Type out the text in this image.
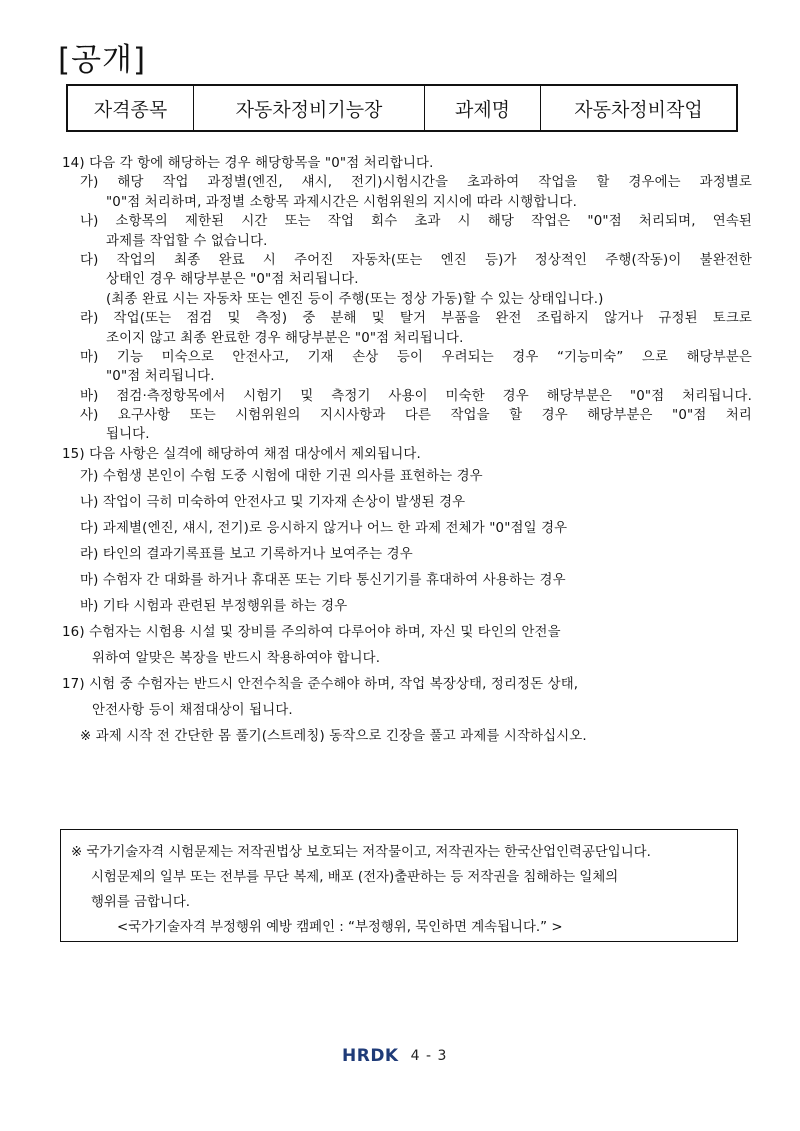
[공개]
자격종목	자동차정비기능장	과제명	자동차정비작업
14) 다음 각 항에 해당하는 경우 해당항목을 "0"점 처리합니다.
가) 해당 작업 과정별(엔진, 섀시, 전기)시험시간을 초과하여 작업을 할 경우에는 과정별로
"0"점 처리하며, 과정별 소항목 과제시간은 시험위원의 지시에 따라 시행합니다.
나) 소항목의 제한된 시간 또는 작업 회수 초과 시 해당 작업은 "0"점 처리되며, 연속된
과제를 작업할 수 없습니다.
다) 작업의 최종 완료 시 주어진 자동차(또는 엔진 등)가 정상적인 주행(작동)이 불완전한
상태인 경우 해당부분은 "0"점 처리됩니다.
(최종 완료 시는 자동차 또는 엔진 등이 주행(또는 정상 가동)할 수 있는 상태입니다.)
라) 작업(또는 점검 및 측정) 중 분해 및 탈거 부품을 완전 조립하지 않거나 규정된 토크로
조이지 않고 최종 완료한 경우 해당부분은 "0"점 처리됩니다.
마) 기능 미숙으로 안전사고, 기재 손상 등이 우려되는 경우 “기능미숙” 으로 해당부분은
"0"점 처리됩니다.
바) 점검·측정항목에서 시험기 및 측정기 사용이 미숙한 경우 해당부분은 "0"점 처리됩니다.
사) 요구사항 또는 시험위원의 지시사항과 다른 작업을 할 경우 해당부분은 "0"점 처리
됩니다.
15) 다음 사항은 실격에 해당하여 채점 대상에서 제외됩니다.
가) 수험생 본인이 수험 도중 시험에 대한 기권 의사를 표현하는 경우
나) 작업이 극히 미숙하여 안전사고 및 기자재 손상이 발생된 경우
다) 과제별(엔진, 섀시, 전기)로 응시하지 않거나 어느 한 과제 전체가 "0"점일 경우
라) 타인의 결과기록표를 보고 기록하거나 보여주는 경우
마) 수험자 간 대화를 하거나 휴대폰 또는 기타 통신기기를 휴대하여 사용하는 경우
바) 기타 시험과 관련된 부정행위를 하는 경우
16) 수험자는 시험용 시설 및 장비를 주의하여 다루어야 하며, 자신 및 타인의 안전을
위하여 알맞은 복장을 반드시 착용하여야 합니다.
17) 시험 중 수험자는 반드시 안전수칙을 준수해야 하며, 작업 복장상태, 정리정돈 상태,
안전사항 등이 채점대상이 됩니다.
※ 과제 시작 전 간단한 몸 풀기(스트레칭) 동작으로 긴장을 풀고 과제를 시작하십시오.
※ 국가기술자격 시험문제는 저작권법상 보호되는 저작물이고, 저작권자는 한국산업인력공단입니다.
시험문제의 일부 또는 전부를 무단 복제, 배포 (전자)출판하는 등 저작권을 침해하는 일체의
행위를 금합니다.
<국가기술자격 부정행위 예방 캠페인 : “부정행위, 묵인하면 계속됩니다.” >
HRDK 4 - 3
